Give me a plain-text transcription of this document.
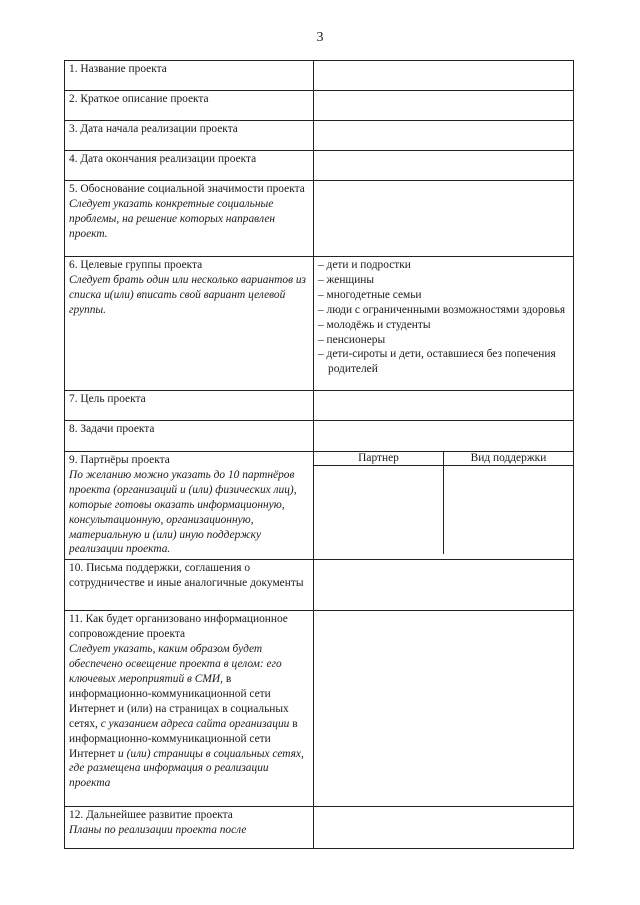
3
1. Название проекта

2. Краткое описание проекта

3. Дата начала реализации проекта

4. Дата окончания реализации проекта

5. Обоснование социальной значимости проекта
Следует указать конкретные социальные проблемы, на решение которых направлен проект.

6. Целевые группы проекта
Следует брать один или несколько вариантов из списка и(или) вписать свой вариант целевой группы.

– дети и подростки
– женщины
– многодетные семьи
– люди с ограниченными возможностями здоровья
– молодёжь и студенты
– пенсионеры
– дети-сироты и дети, оставшиеся без попечения родителей

7. Цель проекта

8. Задачи проекта

9. Партнёры проекта
По желанию можно указать до 10 партнёров проекта (организаций и (или) физических лиц), которые готовы оказать информационную, консультационную, организационную, материальную и (или) иную поддержку реализации проекта.

Партнер	Вид поддержки

10. Письма поддержки, соглашения о сотрудничестве и иные аналогичные документы

11. Как будет организовано информационное сопровождение проекта
Следует указать, каким образом будет обеспечено освещение проекта в целом: его ключевых мероприятий в СМИ, в информационно-коммуникационной сети Интернет и (или) на страницах в социальных сетях, с указанием адреса сайта организации в информационно-коммуникационной сети Интернет и (или) страницы в социальных сетях, где размещена информация о реализации проекта

12. Дальнейшее развитие проекта
Планы по реализации проекта после
